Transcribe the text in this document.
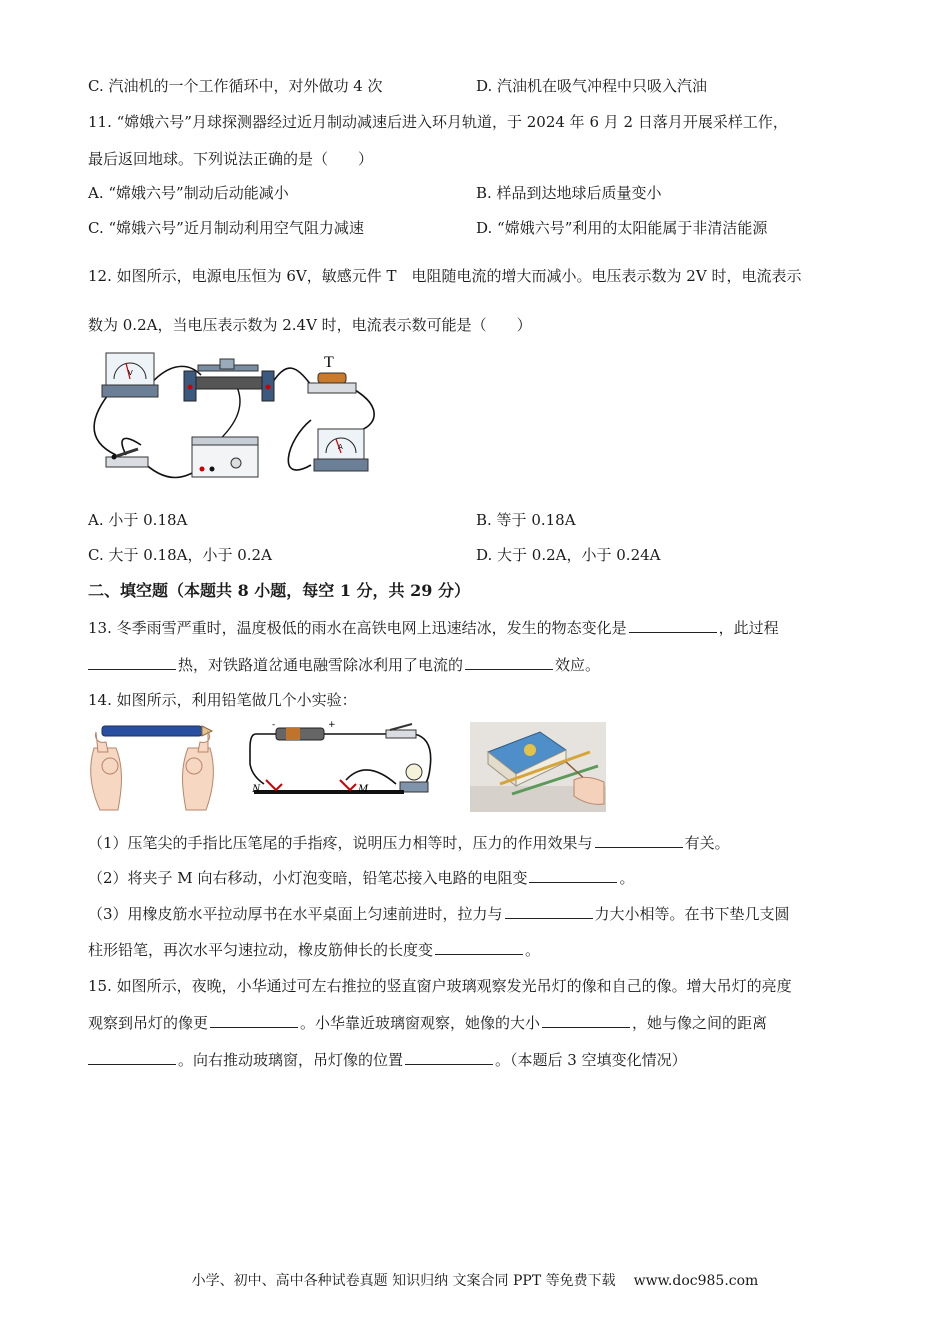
C. 汽油机的一个工作循环中，对外做功 4 次	D. 汽油机在吸气冲程中只吸入汽油
11. “嫦娥六号”月球探测器经过近月制动减速后进入环月轨道，于 2024 年 6 月 2 日落月开展采样工作，
最后返回地球。下列说法正确的是（　　）
A. “嫦娥六号”制动后动能减小	B. 样品到达地球后质量变小
C. “嫦娥六号”近月制动利用空气阻力减速	D. “嫦娥六号”利用的太阳能属于非清洁能源
12. 如图所示，电源电压恒为 6V，敏感元件 T　电阻随电流的增大而减小。电压表示数为 2V 时，电流表示
数为 0.2A，当电压表示数为 2.4V 时，电流表示数可能是（　　）
V
T
A
A. 小于 0.18A	B. 等于 0.18A
C. 大于 0.18A，小于 0.2A	D. 大于 0.2A，小于 0.24A
二、填空题（本题共 8 小题，每空 1 分，共 29 分）
13. 冬季雨雪严重时，温度极低的雨水在高铁电网上迅速结冰，发生的物态变化是	，此过程
热，对铁路道岔通电融雪除冰利用了电流的	效应。
14. 如图所示，利用铅笔做几个小实验：
-	+
N	M
（1）压笔尖的手指比压笔尾的手指疼，说明压力相等时，压力的作用效果与	有关。
（2）将夹子 M 向右移动，小灯泡变暗，铅笔芯接入电路的电阻变	。
（3）用橡皮筋水平拉动厚书在水平桌面上匀速前进时，拉力与	力大小相等。在书下垫几支圆
柱形铅笔，再次水平匀速拉动，橡皮筋伸长的长度变	。
15. 如图所示，夜晚，小华通过可左右推拉的竖直窗户玻璃观察发光吊灯的像和自己的像。增大吊灯的亮度
观察到吊灯的像更	。小华靠近玻璃窗观察，她像的大小	，她与像之间的距离
。向右推动玻璃窗，吊灯像的位置	。（本题后 3 空填变化情况）
小学、初中、高中各种试卷真题 知识归纳 文案合同 PPT 等免费下载 www.doc985.com
